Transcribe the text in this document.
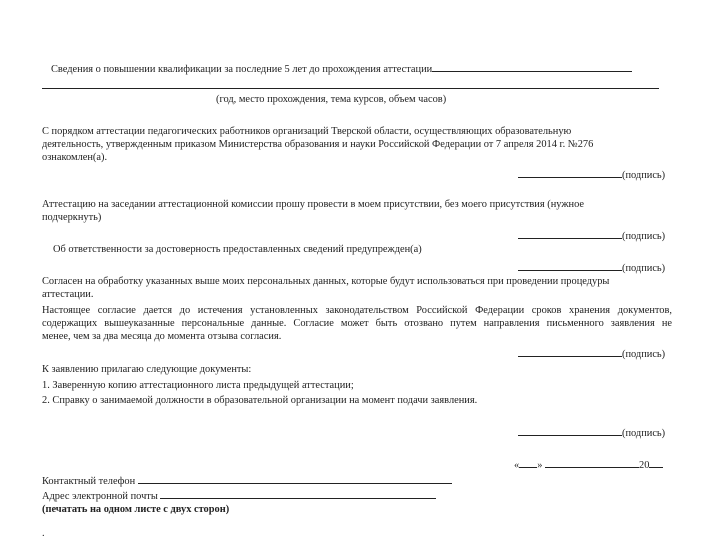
Сведения о повышении квалификации за последние 5 лет до прохождения аттестации
(год, место прохождения, тема курсов, объем часов)
С порядком аттестации педагогических работников организаций Тверской области, осуществляющих образовательную
деятельность, утвержденным приказом Министерства образования и науки Российской Федерации от 7 апреля 2014 г. №276
ознакомлен(а).
(подпись)
Аттестацию на заседании аттестационной комиссии прошу провести в моем присутствии, без моего присутствия (нужное
подчеркнуть)
(подпись)
Об ответственности за достоверность предоставленных сведений предупрежден(а)
(подпись)
Согласен на обработку указанных выше моих персональных данных, которые будут использоваться при проведении процедуры
аттестации.
Настоящее согласие дается до истечения установленных законодательством Российской Федерации сроков хранения документов,
содержащих вышеуказанные персональные данные. Согласие может быть отозвано путем направления письменного заявления не
менее, чем за два месяца до момента отзыва согласия.
(подпись)
К заявлению прилагаю следующие документы:
1. Заверенную копию аттестационного листа предыдущей аттестации;
2. Справку о занимаемой должности в образовательной организации на момент подачи заявления.
(подпись)
« »	20
Контактный телефон
Адрес электронной почты
(печатать на одном листе с двух сторон)
.
